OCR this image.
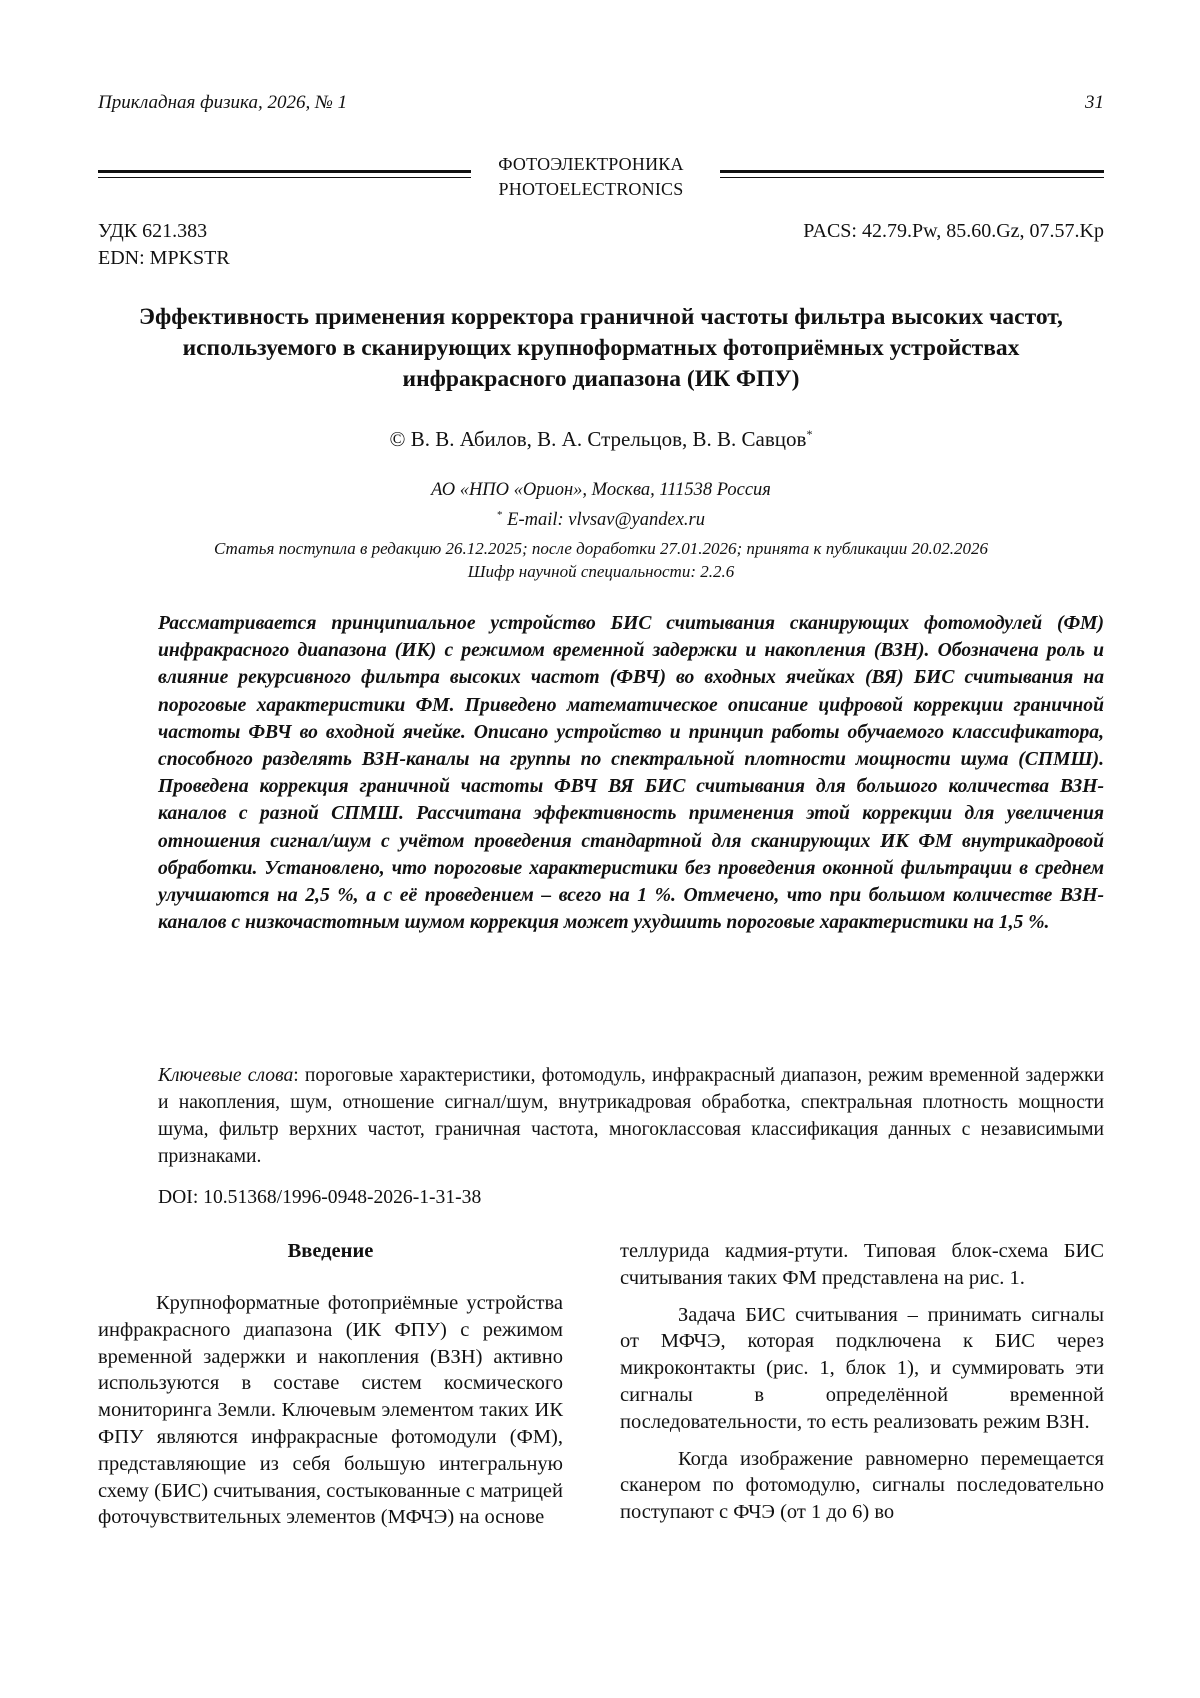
Прикладная физика, 2026, № 1	31
ФОТОЭЛЕКТРОНИКА
PHOTOELECTRONICS
УДК 621.383
EDN: MPKSTR
PACS: 42.79.Pw, 85.60.Gz, 07.57.Kp
Эффективность применения корректора граничной частоты фильтра высоких частот, используемого в сканирующих крупноформатных фотоприёмных устройствах инфракрасного диапазона (ИК ФПУ)
© В. В. Абилов, В. А. Стрельцов, В. В. Савцов*
АО «НПО «Орион», Москва, 111538 Россия
* E-mail: vlvsav@yandex.ru
Статья поступила в редакцию 26.12.2025; после доработки 27.01.2026; принята к публикации 20.02.2026
Шифр научной специальности: 2.2.6

Рассматривается принципиальное устройство БИС считывания сканирующих фотомодулей (ФМ) инфракрасного диапазона (ИК) с режимом временной задержки и накопления (ВЗН). Обозначена роль и влияние рекурсивного фильтра высоких частот (ФВЧ) во входных ячейках (ВЯ) БИС считывания на пороговые характеристики ФМ. Приведено математическое описание цифровой коррекции граничной частоты ФВЧ во входной ячейке. Описано устройство и принцип работы обучаемого классификатора, способного разделять ВЗН-каналы на группы по спектральной плотности мощности шума (СПМШ). Проведена коррекция граничной частоты ФВЧ ВЯ БИС считывания для большого количества ВЗН-каналов с разной СПМШ. Рассчитана эффективность применения этой коррекции для увеличения отношения сигнал/шум с учётом проведения стандартной для сканирующих ИК ФМ внутрикадровой обработки. Установлено, что пороговые характеристики без проведения оконной фильтрации в среднем улучшаются на 2,5 %, а с её проведением – всего на 1 %. Отмечено, что при большом количестве ВЗН-каналов с низкочастотным шумом коррекция может ухудшить пороговые характеристики на 1,5 %.

Ключевые слова: пороговые характеристики, фотомодуль, инфракрасный диапазон, режим временной задержки и накопления, шум, отношение сигнал/шум, внутрикадровая обработка, спектральная плотность мощности шума, фильтр верхних частот, граничная частота, многоклассовая классификация данных с независимыми признаками.

DOI: 10.51368/1996-0948-2026-1-31-38
Введение

Крупноформатные фотоприёмные устройства инфракрасного диапазона (ИК ФПУ) с режимом временной задержки и накопления (ВЗН) активно используются в составе систем космического мониторинга Земли. Ключевым элементом таких ИК ФПУ являются инфракрасные фотомодули (ФМ), представляющие из себя большую интегральную схему (БИС) считывания, состыкованные с матрицей фоточувствительных элементов (МФЧЭ) на основе

теллурида кадмия-ртути. Типовая блок-схема БИС считывания таких ФМ представлена на рис. 1.

Задача БИС считывания – принимать сигналы от МФЧЭ, которая подключена к БИС через микроконтакты (рис. 1, блок 1), и суммировать эти сигналы в определённой временной последовательности, то есть реализовать режим ВЗН.

Когда изображение равномерно перемещается сканером по фотомодулю, сигналы последовательно поступают с ФЧЭ (от 1 до 6) во
